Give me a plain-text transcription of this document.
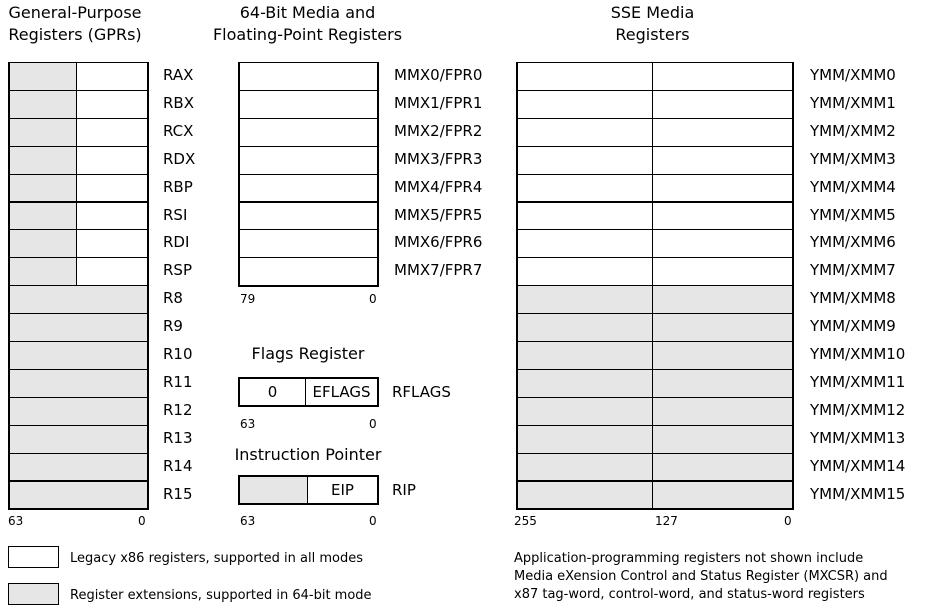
General-Purpose
Registers (GPRs)
63	0
64-Bit Media and
Floating-Point Registers
79	0
Flags Register
0	EFLAGS	RFLAGS
63	0
Instruction Pointer
EIP	RIP
63	0
SSE Media
Registers
255	127	0
Legacy x86 registers, supported in all modes
Register extensions, supported in 64-bit mode
Application-programming registers not shown include
Media eXension Control and Status Register (MXCSR) and
x87 tag-word, control-word, and status-word registers
RAX
RBX
RCX
RDX
RBP
RSI
RDI
RSP
R8
R9
R10
R11
R12
R13
R14
R15
MMX0/FPR0
MMX1/FPR1
MMX2/FPR2
MMX3/FPR3
MMX4/FPR4
MMX5/FPR5
MMX6/FPR6
MMX7/FPR7
YMM/XMM0
YMM/XMM1
YMM/XMM2
YMM/XMM3
YMM/XMM4
YMM/XMM5
YMM/XMM6
YMM/XMM7
YMM/XMM8
YMM/XMM9
YMM/XMM10
YMM/XMM11
YMM/XMM12
YMM/XMM13
YMM/XMM14
YMM/XMM15
